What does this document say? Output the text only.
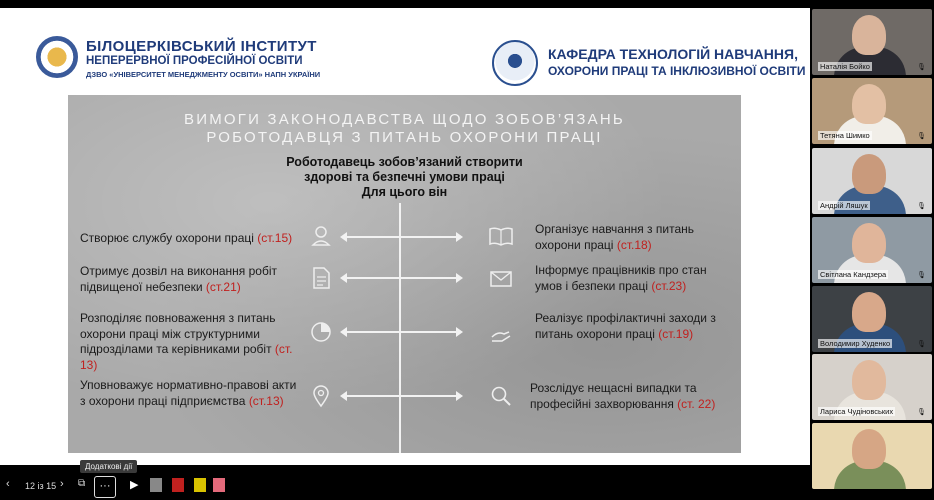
БІЛОЦЕРКІВСЬКИЙ ІНСТИТУТ
НЕПЕРЕРВНОЇ ПРОФЕСІЙНОЇ ОСВІТИ
ДЗВО «УНІВЕРСИТЕТ МЕНЕДЖМЕНТУ ОСВІТИ» НАПН УКРАЇНИ
КАФЕДРА ТЕХНОЛОГІЙ НАВЧАННЯ,
ОХОРОНИ ПРАЦІ ТА ІНКЛЮЗИВНОЇ ОСВІТИ
ВИМОГИ ЗАКОНОДАВСТВА ЩОДО ЗОБОВ’ЯЗАНЬ
РОБОТОДАВЦЯ З ПИТАНЬ ОХОРОНИ ПРАЦІ
Роботодавець зобов’язаний створити
здорові та безпечні умови праці
Для цього він
Створює службу охорони праці (ст.15)
Отримує дозвіл на виконання робіт підвищеної небезпеки (ст.21)
Розподіляє повноваження з питань охорони праці між структурними підрозділами та керівниками робіт (ст. 13)
Уповноважує нормативно-правові акти з охорони праці підприємства (ст.13)
Організує навчання з питань охорони праці (ст.18)
Інформує працівників про стан умов і безпеки праці (ст.23)
Реалізує профілактичні заходи з питань охорони праці (ст.19)
Розслідує нещасні випадки та професійні захворювання (ст. 22)
‹ 12 із 15 › ⧉
Додаткові дії
···	▶
Наталія Бойко	🎙
Тетяна Шимко	🎙
Андрій Ляшук	🎙
Світлана Кандзера	🎙
Володимир Худенко	🎙
Лариса Чудіновських	🎙
